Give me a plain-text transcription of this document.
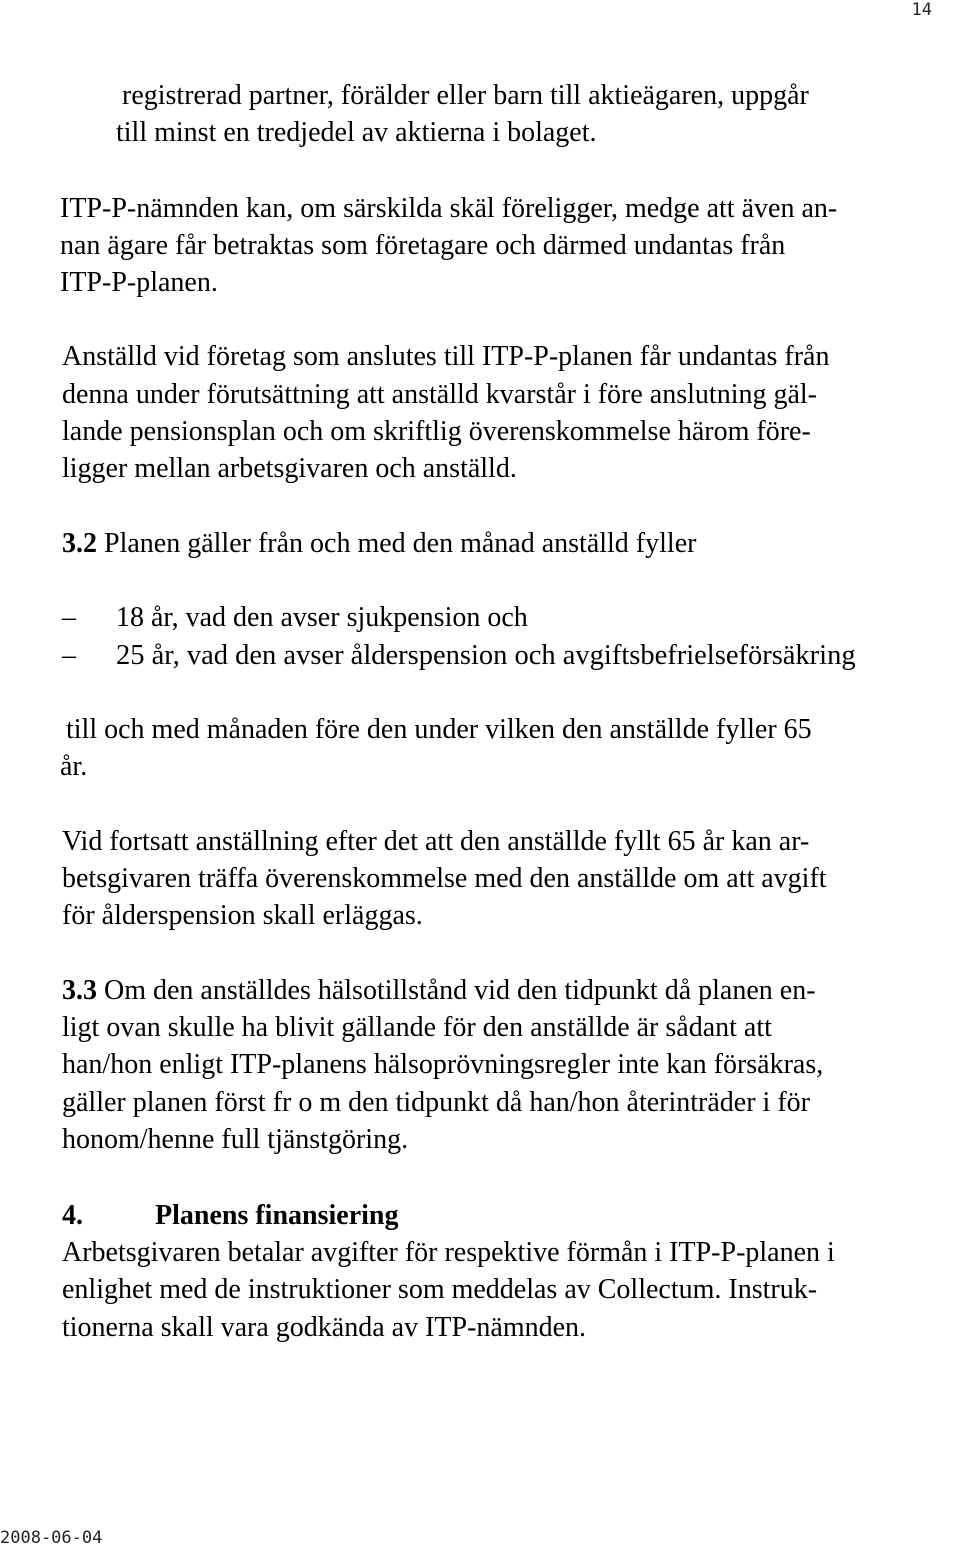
14
2008-06-04
registrerad partner, förälder eller barn till aktieägaren, uppgår
till minst en tredjedel av aktierna i bolaget.
ITP-P-nämnden kan, om särskilda skäl föreligger, medge att även an-
nan ägare får betraktas som företagare och därmed undantas från
ITP-P-planen.
Anställd vid företag som anslutes till ITP-P-planen får undantas från
denna under förutsättning att anställd kvarstår i före anslutning gäl-
lande pensionsplan och om skriftlig överenskommelse härom före-
ligger mellan arbetsgivaren och anställd.
3.2 Planen gäller från och med den månad anställd fyller
– 18 år, vad den avser sjukpension och
– 25 år, vad den avser ålderspension och avgiftsbefrielseförsäkring
till och med månaden före den under vilken den anställde fyller 65
år.
Vid fortsatt anställning efter det att den anställde fyllt 65 år kan ar-
betsgivaren träffa överenskommelse med den anställde om att avgift
för ålderspension skall erläggas.
3.3 Om den anställdes hälsotillstånd vid den tidpunkt då planen en-
ligt ovan skulle ha blivit gällande för den anställde är sådant att
han/hon enligt ITP-planens hälsoprövningsregler inte kan försäkras,
gäller planen först fr o m den tidpunkt då han/hon återinträder i för
honom/henne full tjänstgöring.
4.	Planens finansiering
Arbetsgivaren betalar avgifter för respektive förmån i ITP-P-planen i
enlighet med de instruktioner som meddelas av Collectum. Instruk-
tionerna skall vara godkända av ITP-nämnden.
